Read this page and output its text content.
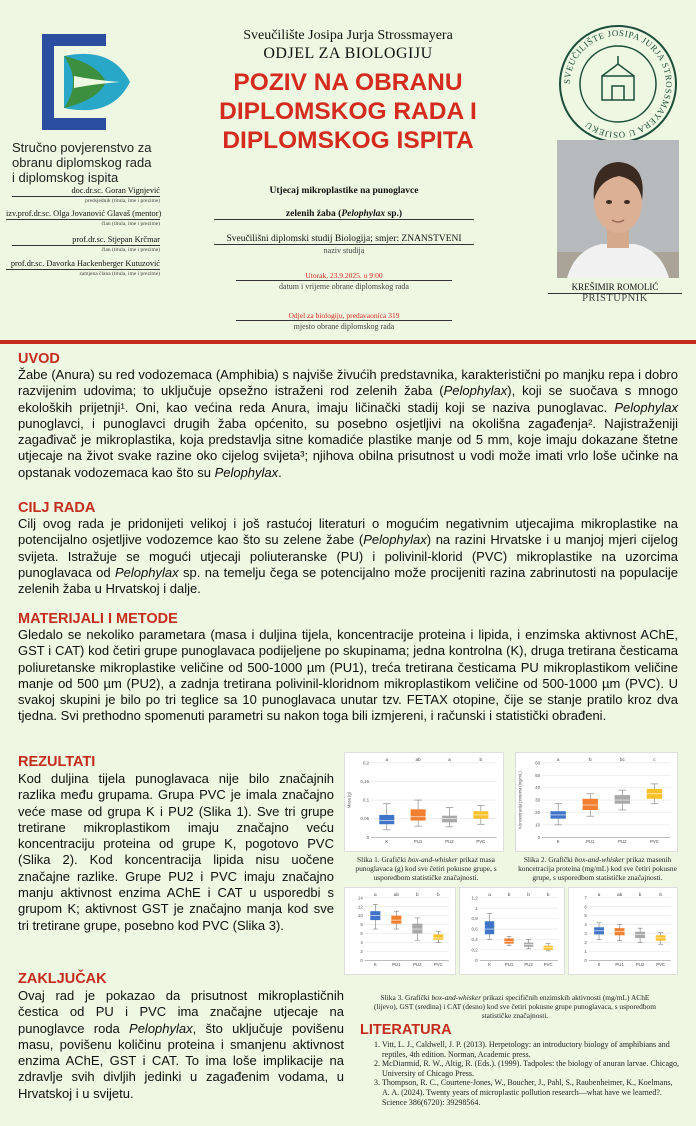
SVEUČILIŠTE JOSIPA JURJA STROSSMAYERA U OSIJEKU
Sveučilište Josipa Jurja Strossmayera
ODJEL ZA BIOLOGIJU
POZIV NA OBRANU
DIPLOMSKOG RADA I
DIPLOMSKOG ISPITA
Stručno povjerenstvo za
obranu diplomskog rada
i diplomskog ispita
doc.dr.sc. Goran Vignjević
predsjednik (titula, ime i prezime)
izv.prof.dr.sc. Olga Jovanović Glavaš (mentor)
član (titula, ime i prezime)
prof.dr.sc. Stjepan Krčmar
član (titula, ime i prezime)
prof.dr.sc. Davorka Hackenberger Kutuzović
zamjena člana (titula, ime i prezime)
Utjecaj mikroplastike na punoglavce
zelenih žaba (Pelophylax sp.)
Sveučilišni diplomski studij Biologija; smjer: ZNANSTVENI
naziv studija
Utorak, 23.9.2025. u 9:00
datum i vrijeme obrane diplomskog rada
Odjel za biologiju, predavaonica 319
mjesto obrane diplomskog rada
KREŠIMIR ROMOLIĆ
PRISTUPNIK
UVOD

Žabe (Anura) su red vodozemaca (Amphibia) s najviše živućih predstavnika, karakteristični po manjku repa i dobro razvijenim udovima; to uključuje opsežno istraženi rod zelenih žaba (Pelophylax), koji se suočava s mnogo ekoloških prijetnji¹. Oni, kao većina reda Anura, imaju ličinački stadij koji se naziva punoglavac. Pelophylax punoglavci, i punoglavci drugih žaba općenito, su posebno osjetljivi na okolišna zagađenja². Najistraženiji zagađivač je mikroplastika, koja predstavlja sitne komadiće plastike manje od 5 mm, koje imaju dokazane štetne utjecaje na život svake razine oko cijelog svijeta³; njihova obilna prisutnost u vodi može imati vrlo loše učinke na opstanak vodozemaca kao što su Pelophylax.

CILJ RADA

Cilj ovog rada je pridonijeti velikoj i još rastućoj literaturi o mogućim negativnim utjecajima mikroplastike na potencijalno osjetljive vodozemce kao što su zelene žabe (Pelophylax) na razini Hrvatske i u manjoj mjeri cijelog svijeta. Istražuje se mogući utjecaji poliuteranske (PU) i polivinil-klorid (PVC) mikroplastike na uzorcima punoglavaca od Pelophylax sp. na temelju čega se potencijalno može procijeniti razina zabrinutosti na populacije zelenih žaba u Hrvatskoj i dalje.

MATERIJALI I METODE

Gledalo se nekoliko parametara (masa i duljina tijela, koncentracije proteina i lipida, i enzimska aktivnost AChE, GST i CAT) kod četiri grupe punoglavaca podijeljene po skupinama; jedna kontrolna (K), druga tretirana česticama poliuretanske mikroplastike veličine od 500-1000 µm (PU1), treća tretirana česticama PU mikroplastikom veličine manje od 500 µm (PU2), a zadnja tretirana polivinil-kloridnom mikroplastikom veličine od 500-1000 µm (PVC). U svakoj skupini je bilo po tri teglice sa 10 punoglavaca unutar tzv. FETAX otopine, čije se stanje pratilo kroz dva tjedna. Svi prethodno spomenuti parametri su nakon toga bili izmjereni, i računski i statistički obrađeni.

REZULTATI

Kod duljina tijela punoglavaca nije bilo značajnih razlika među grupama. Grupa PVC je imala značajno veće mase od grupa K i PU2 (Slika 1). Sve tri grupe tretirane mikroplastikom imaju značajno veću koncentraciju proteina od grupe K, pogotovo PVC (Slika 2). Kod koncentracija lipida nisu uočene značajne razlike. Grupe PU2 i PVC imaju značajno manju aktivnost enzima AChE i CAT u usporedbi s grupom K; aktivnost GST je značajno manja kod sve tri tretirane grupe, posebno kod PVC (Slika 3).

ZAKLJUČAK

Ovaj rad je pokazao da prisutnost mikroplastičnih čestica od PU i PVC ima značajne utjecaje na punoglavce roda Pelophylax, što uključuje povišenu masu, povišenu količinu proteina i smanjenu aktivnost enzima AChE, GST i CAT. To ima loše implikacije na zdravlje svih divljih jedinki u zagađenim vodama, u Hrvatskoj i u svijetu.

0
0,05
0,1
0,15
0,2
Masa (g)
a
K
ab
PU1
a
PU2
b
PVC
0
10
20
30
40
50
60
Koncentracija proteina (mg/mL)
a
K
b
PU1
bc
PU2
c
PVC
Slika 1. Grafički box-and-whisker prikaz masa punoglavaca (g) kod sve četiri pokusne grupe, s usporedbom statističke značajnosti.
Slika 2. Grafički box-and-whisker prikaz masenih koncetracija proteina (mg/mL) kod sve četiri pokusne grupe, s usporedbom statističke značajnosti.
0
2
4
6
8
10
12
14
a
K
ab
PU1
b
PU2
b
PVC
0
0,2
0,4
0,6
0,8
1
1,2
a
K
b
PU1
b
PU2
b
PVC
0
1
2
3
4
5
6
7
a
K
ab
PU1
b
PU2
b
PVC
Slika 3. Grafički box-and-whisker prikazi specifičnih enzimskih aktivnosti (mg/mL) AChE (lijevo), GST (sredina) i CAT (desno) kod sve četiri pokusne grupe punoglavaca, s usporedbom statističke značajnosti.
LITERATURA
1. Vitt, L. J., Caldwell, J. P. (2013). Herpetology: an introductory biology of amphibians and reptiles, 4th edition. Norman, Academic press.
2. McDiarmid, R. W., Altig, R. (Eds.). (1999). Tadpoles: the biology of anuran larvae. Chicago, University of Chicago Press.
3. Thompson, R. C., Courtene-Jones, W., Boucher, J., Pahl, S., Raubenheimer, K., Koelmans, A. A. (2024). Twenty years of microplastic pollution research—what have we learned?. Science 386(6720): 39298564.
